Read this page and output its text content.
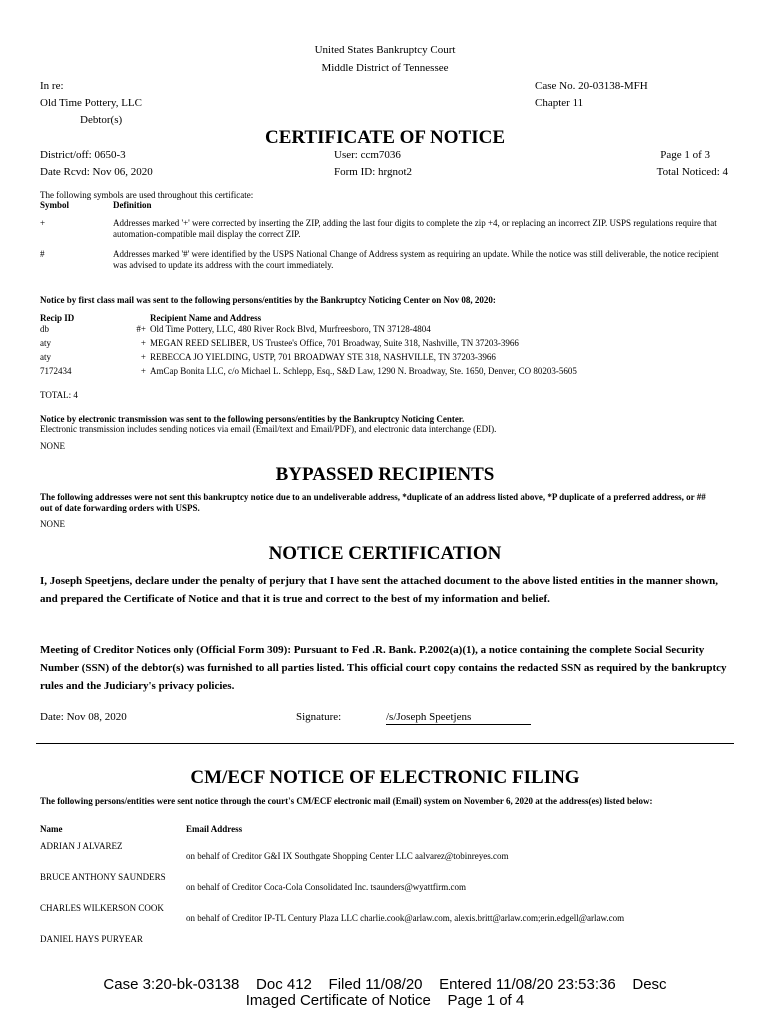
United States Bankruptcy Court
Middle District of Tennessee
In re:
Old Time Pottery, LLC
Debtor(s)
Case No. 20-03138-MFH
Chapter 11
CERTIFICATE OF NOTICE
District/off: 0650-3
Date Rcvd: Nov 06, 2020
User: ccm7036
Form ID: hrgnot2
Page 1 of 3
Total Noticed: 4
The following symbols are used throughout this certificate:
Symbol	Definition
+	Addresses marked '+' were corrected by inserting the ZIP, adding the last four digits to complete the zip +4, or replacing an incorrect ZIP. USPS regulations require that automation-compatible mail display the correct ZIP.
#	Addresses marked '#' were identified by the USPS National Change of Address system as requiring an update. While the notice was still deliverable, the notice recipient was advised to update its address with the court immediately.
Notice by first class mail was sent to the following persons/entities by the Bankruptcy Noticing Center on Nov 08, 2020:
Recip ID	Recipient Name and Address
db	#+ Old Time Pottery, LLC, 480 River Rock Blvd, Murfreesboro, TN 37128-4804
aty	+ MEGAN REED SELIBER, US Trustee's Office, 701 Broadway, Suite 318, Nashville, TN 37203-3966
aty	+ REBECCA JO YIELDING, USTP, 701 BROADWAY STE 318, NASHVILLE, TN 37203-3966
7172434	+ AmCap Bonita LLC, c/o Michael L. Schlepp, Esq., S&D Law, 1290 N. Broadway, Ste. 1650, Denver, CO 80203-5605
TOTAL: 4
Notice by electronic transmission was sent to the following persons/entities by the Bankruptcy Noticing Center.
Electronic transmission includes sending notices via email (Email/text and Email/PDF), and electronic data interchange (EDI).
NONE
BYPASSED RECIPIENTS
The following addresses were not sent this bankruptcy notice due to an undeliverable address, *duplicate of an address listed above, *P duplicate of a preferred address, or ## out of date forwarding orders with USPS.
NONE
NOTICE CERTIFICATION
I, Joseph Speetjens, declare under the penalty of perjury that I have sent the attached document to the above listed entities in the manner shown, and prepared the Certificate of Notice and that it is true and correct to the best of my information and belief.
Meeting of Creditor Notices only (Official Form 309): Pursuant to Fed .R. Bank. P.2002(a)(1), a notice containing the complete Social Security Number (SSN) of the debtor(s) was furnished to all parties listed. This official court copy contains the redacted SSN as required by the bankruptcy rules and the Judiciary's privacy policies.
Date: Nov 08, 2020	Signature:	/s/Joseph Speetjens
CM/ECF NOTICE OF ELECTRONIC FILING
The following persons/entities were sent notice through the court's CM/ECF electronic mail (Email) system on November 6, 2020 at the address(es) listed below:
Name	Email Address
ADRIAN J ALVAREZ
on behalf of Creditor G&I IX Southgate Shopping Center LLC aalvarez@tobinreyes.com
BRUCE ANTHONY SAUNDERS
on behalf of Creditor Coca-Cola Consolidated Inc. tsaunders@wyattfirm.com
CHARLES WILKERSON COOK
on behalf of Creditor IP-TL Century Plaza LLC charlie.cook@arlaw.com, alexis.britt@arlaw.com;erin.edgell@arlaw.com
DANIEL HAYS PURYEAR
Case 3:20-bk-03138    Doc 412    Filed 11/08/20    Entered 11/08/20 23:53:36    Desc
Imaged Certificate of Notice    Page 1 of 4
